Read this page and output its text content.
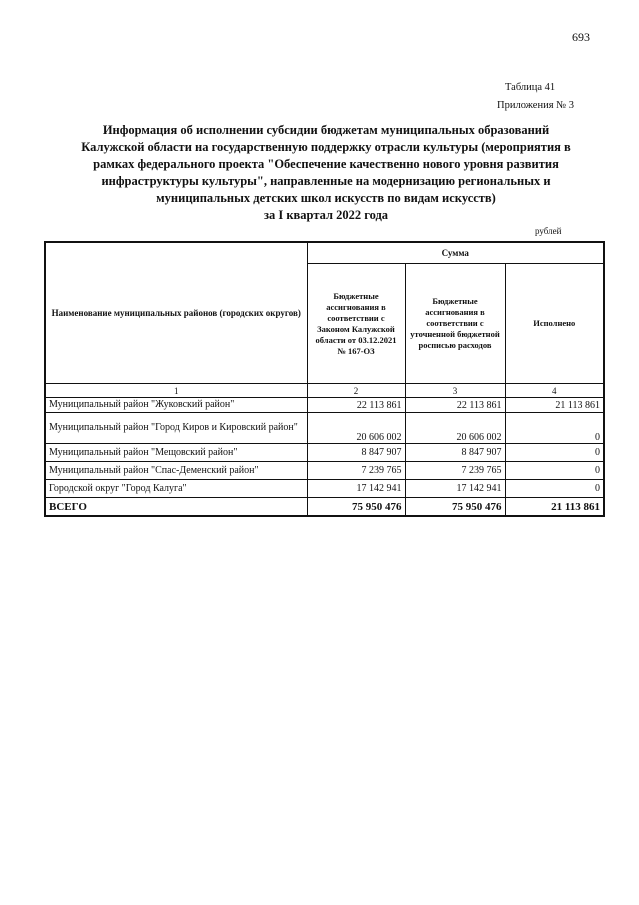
693
Таблица 41
Приложения № 3
Информация об исполнении субсидии бюджетам муниципальных образований
Калужской области на государственную поддержку отрасли культуры (мероприятия в
рамках федерального проекта "Обеспечение качественно нового уровня развития
инфраструктуры культуры", направленные на модернизацию региональных и
муниципальных детских школ искусств по видам искусств)
за I квартал 2022 года
рублей
Наименование муниципальных районов (городских округов)	Сумма		
	Бюджетные ассигнования в соответствии с Законом Калужской области от 03.12.2021 № 167-ОЗ	Бюджетные ассигнования в соответствии с уточненной бюджетной росписью расходов	Исполнено
1	2	3	4
Муниципальный район "Жуковский район"	22 113 861	22 113 861	21 113 861
Муниципальный район "Город Киров и Кировский район"	20 606 002	20 606 002	0
Муниципальный район "Мещовский район"	8 847 907	8 847 907	0
Муниципальный район "Спас-Деменский район"	7 239 765	7 239 765	0
Городской округ "Город Калуга"	17 142 941	17 142 941	0
ВСЕГО	75 950 476	75 950 476	21 113 861
